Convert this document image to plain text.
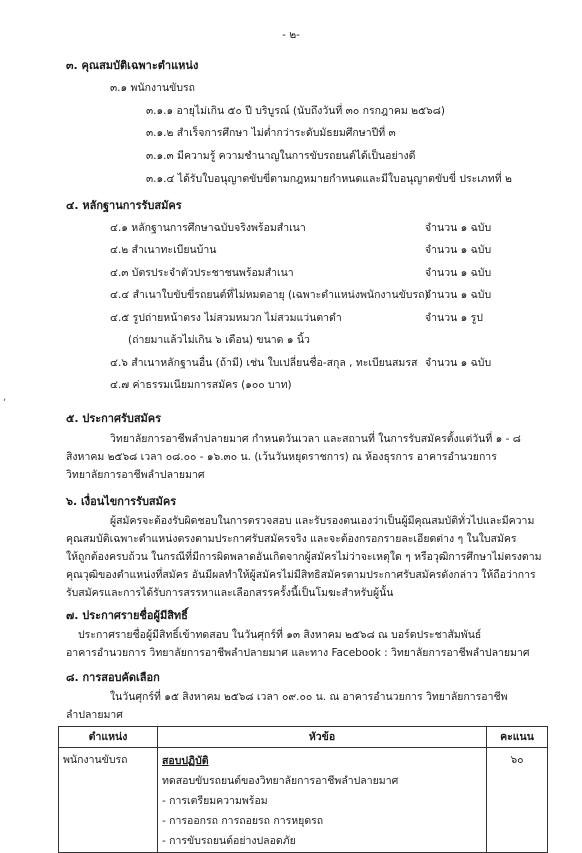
- ๒-
๓. คุณสมบัติเฉพาะตำแหน่ง
๓.๑ พนักงานขับรถ
๓.๑.๑ อายุไม่เกิน ๕๐ ปี บริบูรณ์ (นับถึงวันที่ ๓๐ กรกฎาคม ๒๕๖๘)
๓.๑.๒ สำเร็จการศึกษา ไม่ต่ำกว่าระดับมัธยมศึกษาปีที่ ๓
๓.๑.๓ มีความรู้ ความชำนาญในการขับรถยนต์ได้เป็นอย่างดี
๓.๑.๔ ได้รับใบอนุญาตขับขี่ตามกฎหมายกำหนดและมีใบอนุญาตขับขี่ ประเภทที่ ๒
๔. หลักฐานการรับสมัคร
๔.๑ หลักฐานการศึกษาฉบับจริงพร้อมสำเนา	จำนวน ๑ ฉบับ
๔.๒ สำเนาทะเบียนบ้าน	จำนวน ๑ ฉบับ
๔.๓ บัตรประจำตัวประชาชนพร้อมสำเนา	จำนวน ๑ ฉบับ
๔.๔ สำเนาใบขับขี่รถยนต์ที่ไม่หมดอายุ (เฉพาะตำแหน่งพนักงานขับรถ)
จำนวน ๑ ฉบับ
๔.๕ รูปถ่ายหน้าตรง ไม่สวมหมวก ไม่สวมแว่นตาดำ	จำนวน ๑ รูป
(ถ่ายมาแล้วไม่เกิน ๖ เดือน) ขนาด ๑ นิ้ว
๔.๖ สำเนาหลักฐานอื่น (ถ้ามี) เช่น ใบเปลี่ยนชื่อ-สกุล , ทะเบียนสมรส จำนวน ๑ ฉบับ
๔.๗ ค่าธรรมเนียมการสมัคร (๑๐๐ บาท)
๕. ประกาศรับสมัคร
วิทยาลัยการอาชีพลำปลายมาศ กำหนดวันเวลา และสถานที่ ในการรับสมัครตั้งแต่วันที่ ๑ - ๘
สิงหาคม ๒๕๖๘ เวลา ๐๘.๐๐ - ๑๖.๓๐ น. (เว้นวันหยุดราชการ) ณ ห้องธุรการ อาคารอำนวยการ
วิทยาลัยการอาชีพลำปลายมาศ
๖. เงื่อนไขการรับสมัคร
ผู้สมัครจะต้องรับผิดชอบในการตรวจสอบ และรับรองตนเองว่าเป็นผู้มีคุณสมบัติทั่วไปและมีความ
คุณสมบัติเฉพาะตำแหน่งตรงตามประกาศรับสมัครจริง และจะต้องกรอกรายละเอียดต่าง ๆ ในใบสมัคร
ให้ถูกต้องครบถ้วน ในกรณีที่มีการผิดพลาดอันเกิดจากผู้สมัครไม่ว่าจะเหตุใด ๆ หรือวุฒิการศึกษาไม่ตรงตาม
คุณวุฒิของตำแหน่งที่สมัคร อันมีผลทำให้ผู้สมัครไม่มีสิทธิสมัครตามประกาศรับสมัครดังกล่าว ให้ถือว่าการ
รับสมัครและการได้รับการสรรหาและเลือกสรรครั้งนี้เป็นโมฆะสำหรับผู้นั้น
๗. ประกาศรายชื่อผู้มีสิทธิ์
ประกาศรายชื่อผู้มีสิทธิ์เข้าทดสอบ ในวันศุกร์ที่ ๑๓ สิงหาคม ๒๕๖๘ ณ บอร์ดประชาสัมพันธ์
อาคารอำนวยการ วิทยาลัยการอาชีพลำปลายมาศ และทาง Facebook : วิทยาลัยการอาชีพลำปลายมาศ
๘. การสอบคัดเลือก
ตำแหน่ง	หัวข้อ	คะแนน
พนักงานขับรถ	สอบปฏิบัติ
ทดสอบขับรถยนต์ของวิทยาลัยการอาชีพลำปลายมาศ
- การเตรียมความพร้อม
- การออกรถ การถอยรถ การหยุดรถ
- การขับรถยนต์อย่างปลอดภัย	๖๐
ในวันศุกร์ที่ ๑๕ สิงหาคม ๒๕๖๘ เวลา ๐๙.๐๐ น. ณ อาคารอำนวยการ วิทยาลัยการอาชีพ
ลำปลายมาศ
,
